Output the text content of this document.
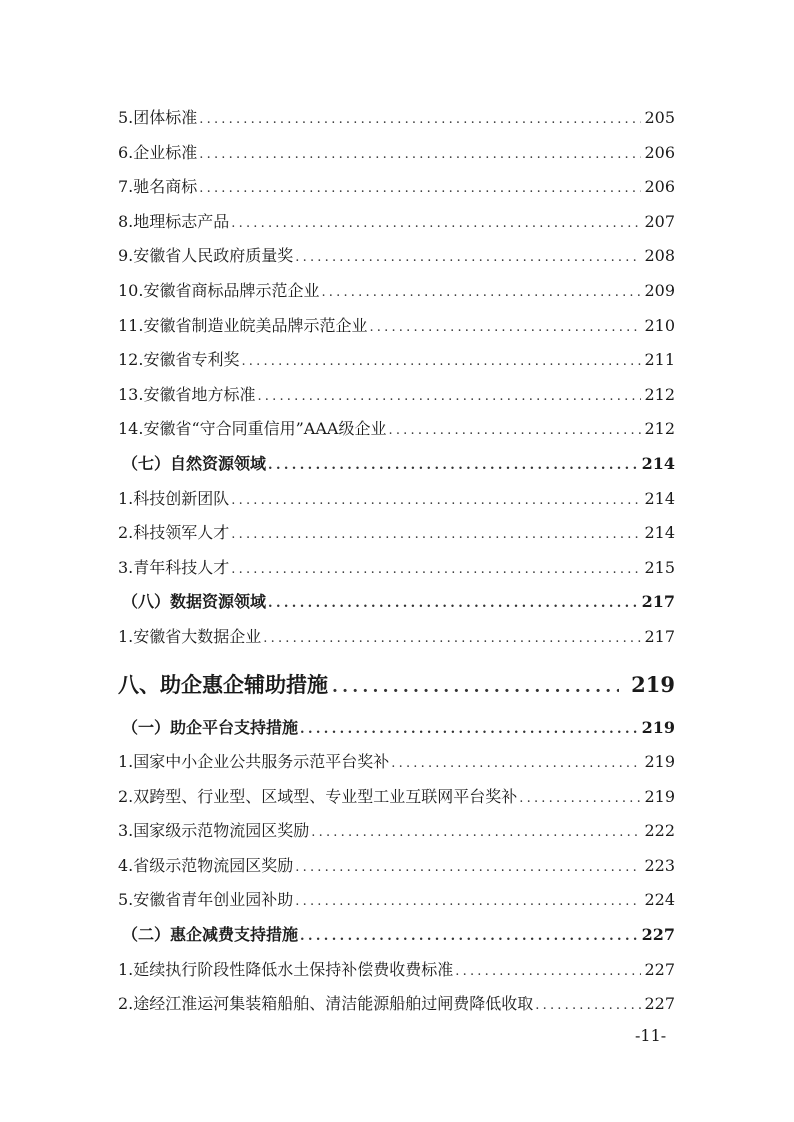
5.团体标准 .....	205
6.企业标准 .....	206
7.驰名商标 .....	206
8.地理标志产品 .....	207
9.安徽省人民政府质量奖 .....	208
10.安徽省商标品牌示范企业 .....	209
11.安徽省制造业皖美品牌示范企业 .....	210
12.安徽省专利奖 .....	211
13.安徽省地方标准 .....	212
14.安徽省“守合同重信用”AAA级企业 .....	212
（七）自然资源领域 .....	214
1.科技创新团队 .....	214
2.科技领军人才 .....	214
3.青年科技人才 .....	215
（八）数据资源领域 .....	217
1.安徽省大数据企业 .....	217
八、助企惠企辅助措施 .....	219
（一）助企平台支持措施 .....	219
1.国家中小企业公共服务示范平台奖补 .....	219
2.双跨型、行业型、区域型、专业型工业互联网平台奖补 .....	219
3.国家级示范物流园区奖励 .....	222
4.省级示范物流园区奖励 .....	223
5.安徽省青年创业园补助 .....	224
（二）惠企减费支持措施 .....	227
1.延续执行阶段性降低水土保持补偿费收费标准 .....	227
2.途经江淮运河集装箱船舶、清洁能源船舶过闸费降低收取 .....	227
-11-
